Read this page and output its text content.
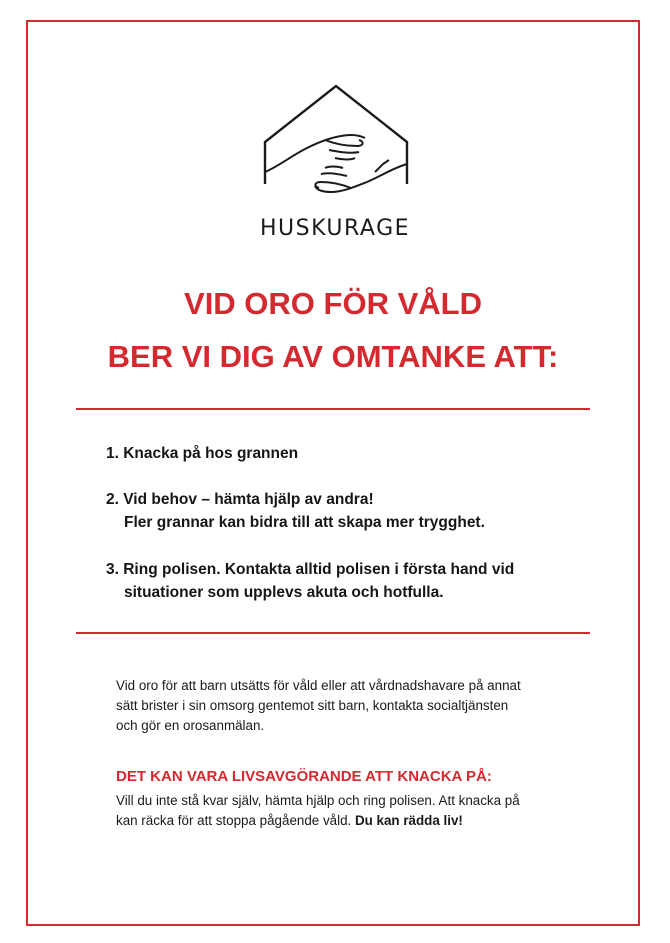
HUSKURAGE
VID ORO FÖR VÅLD
BER VI DIG AV OMTANKE ATT:
1. Knacka på hos grannen
2. Vid behov – hämta hjälp av andra!
Fler grannar kan bidra till att skapa mer trygghet.
3. Ring polisen. Kontakta alltid polisen i första hand vid
situationer som upplevs akuta och hotfulla.
Vid oro för att barn utsätts för våld eller att vårdnadshavare på annat
sätt brister i sin omsorg gentemot sitt barn, kontakta socialtjänsten
och gör en orosanmälan.
DET KAN VARA LIVSAVGÖRANDE ATT KNACKA PÅ:
Vill du inte stå kvar själv, hämta hjälp och ring polisen. Att knacka på
kan räcka för att stoppa pågående våld. Du kan rädda liv!
